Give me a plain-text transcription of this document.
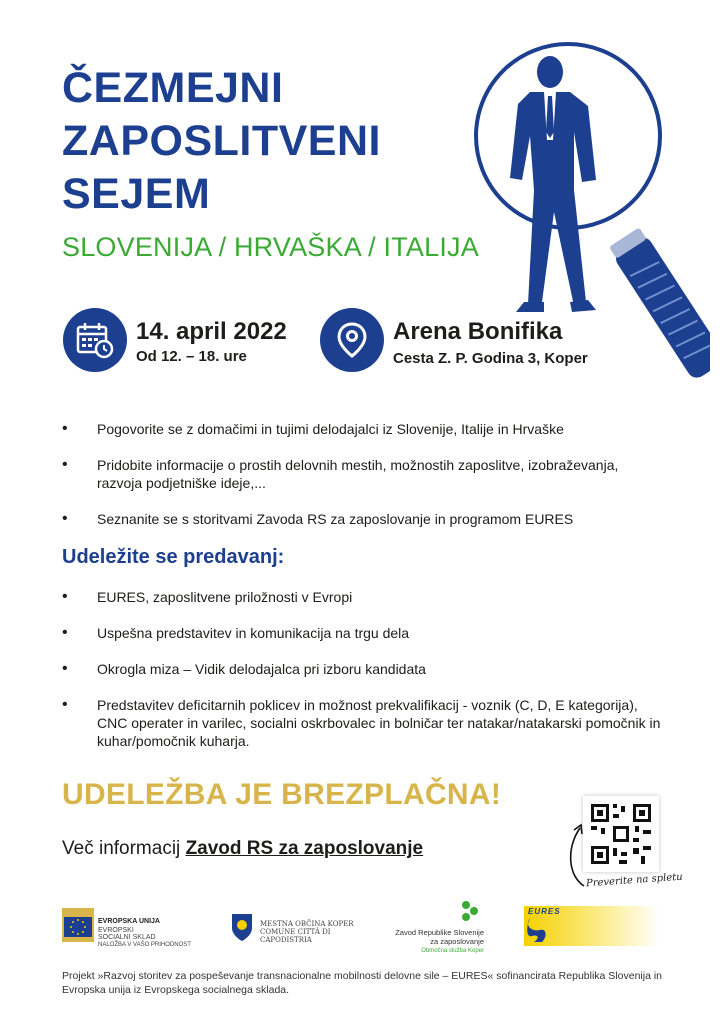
ČEZMEJNI
ZAPOSLITVENI
SEJEM
SLOVENIJA / HRVAŠKA / ITALIJA
14. april 2022
Od 12. – 18. ure
Arena Bonifika
Cesta Z. P. Godina 3, Koper
• Pogovorite se z domačimi in tujimi delodajalci iz Slovenije, Italije in Hrvaške
• Pridobite informacije o prostih delovnih mestih, možnostih zaposlitve, izobraževanja, razvoja podjetniške ideje,...
• Seznanite se s storitvami Zavoda RS za zaposlovanje in programom EURES
Udeležite se predavanj:
• EURES, zaposlitvene priložnosti v Evropi
• Uspešna predstavitev in komunikacija na trgu dela
• Okrogla miza – Vidik delodajalca pri izboru kandidata
• Predstavitev deficitarnih poklicev in možnost prekvalifikacij - voznik (C, D, E kategorija), CNC operater in varilec, socialni oskrbovalec in bolničar ter natakar/natakarski pomočnik in kuhar/pomočnik kuharja.
UDELEŽBA JE BREZPLAČNA!
Več informacij Zavod RS za zaposlovanje
Preverite na spletu
EVROPSKA UNIJA
EVROPSKI
SOCIALNI SKLAD
NALOŽBA V VAŠO PRIHODNOST
MESTNA OBČINA KOPER
COMUNE CITTÀ DI CAPODISTRIA
Zavod Republike Slovenije
za zaposlovanje
Območna služba Koper
EURES
Projekt »Razvoj storitev za pospeševanje transnacionalne mobilnosti delovne sile – EURES« sofinancirata Republika Slovenija in Evropska unija iz Evropskega socialnega sklada.
